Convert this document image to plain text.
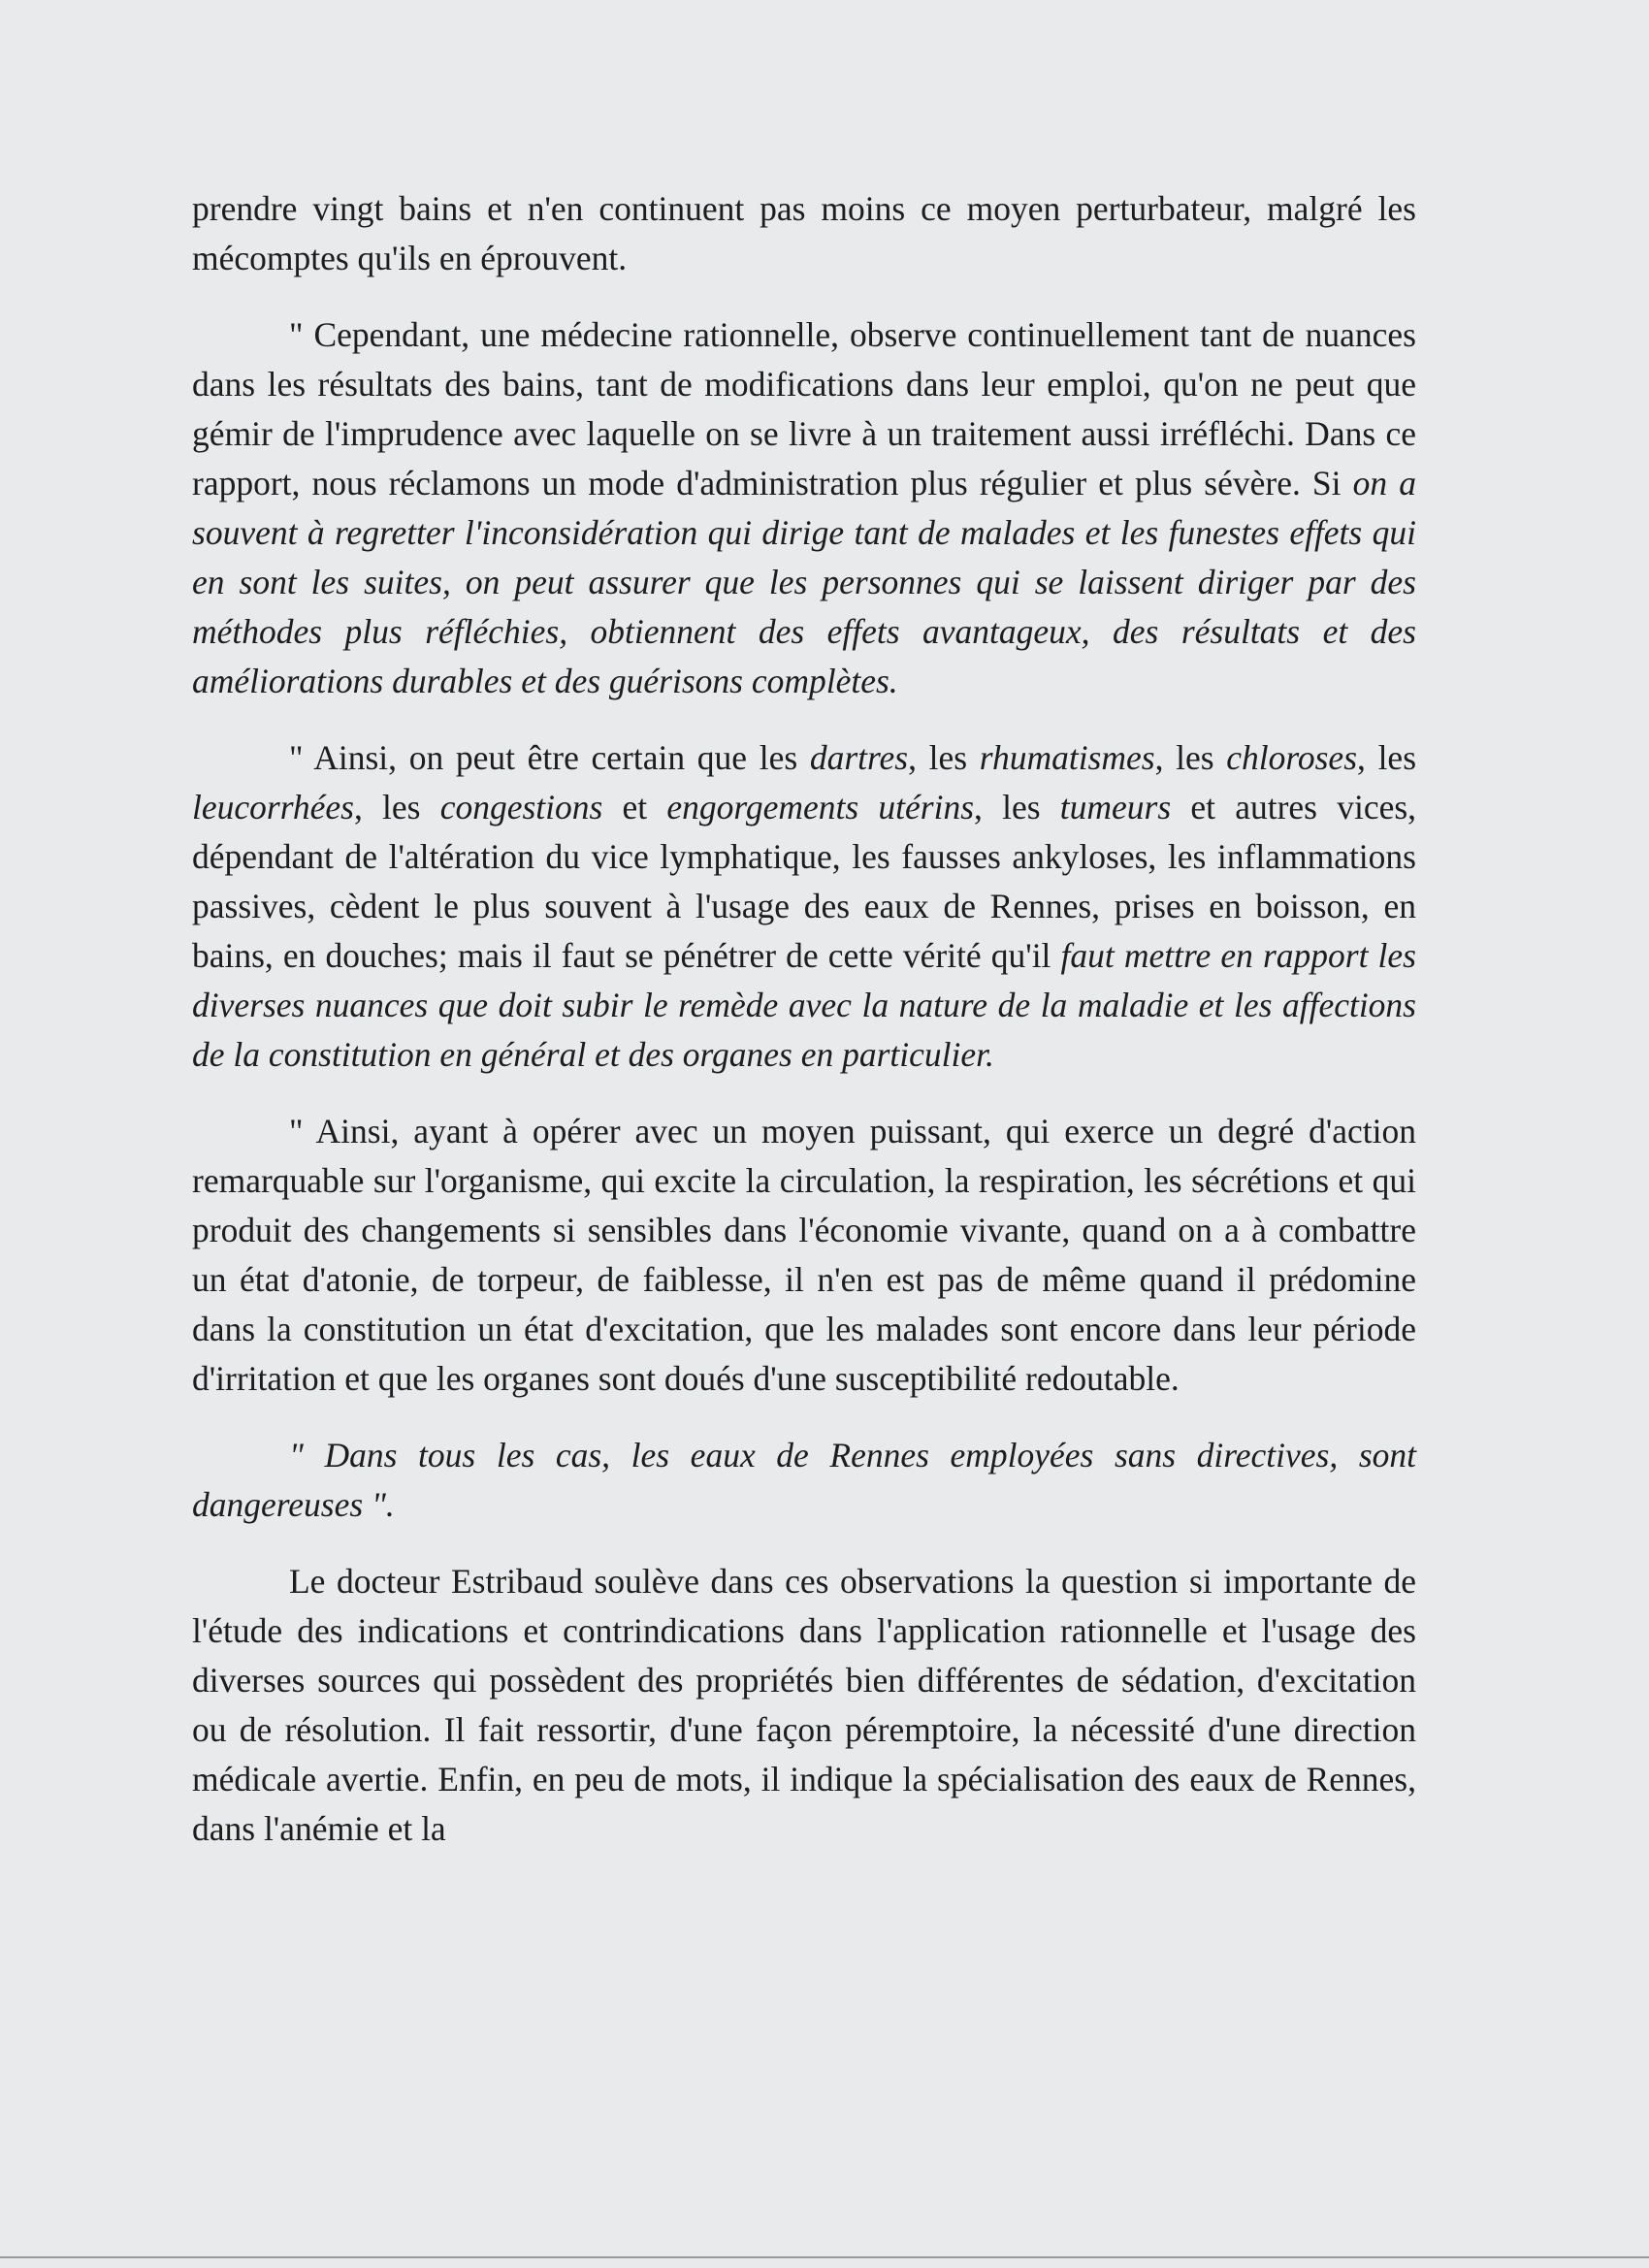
prendre vingt bains et n'en continuent pas moins ce moyen perturbateur, malgré les mécomptes qu'ils en éprouvent.

" Cependant, une médecine rationnelle, observe continuellement tant de nuances dans les résultats des bains, tant de modifications dans leur emploi, qu'on ne peut que gémir de l'imprudence avec laquelle on se livre à un traitement aussi irréfléchi. Dans ce rapport, nous réclamons un mode d'administration plus régulier et plus sévère. Si on a souvent à regretter l'inconsidération qui dirige tant de malades et les funestes effets qui en sont les suites, on peut assurer que les personnes qui se laissent diriger par des méthodes plus réfléchies, obtiennent des effets avantageux, des résultats et des améliorations durables et des guérisons complètes.

" Ainsi, on peut être certain que les dartres, les rhumatismes, les chloroses, les leucorrhées, les congestions et engorgements utérins, les tumeurs et autres vices, dépendant de l'altération du vice lymphatique, les fausses ankyloses, les inflammations passives, cèdent le plus souvent à l'usage des eaux de Rennes, prises en boisson, en bains, en douches; mais il faut se pénétrer de cette vérité qu'il faut mettre en rapport les diverses nuances que doit subir le remède avec la nature de la maladie et les affections de la constitution en général et des organes en particulier.

" Ainsi, ayant à opérer avec un moyen puissant, qui exerce un degré d'action remarquable sur l'organisme, qui excite la circulation, la respiration, les sécrétions et qui produit des changements si sensibles dans l'économie vivante, quand on a à combattre un état d'atonie, de torpeur, de faiblesse, il n'en est pas de même quand il prédomine dans la constitution un état d'excitation, que les malades sont encore dans leur période d'irritation et que les organes sont doués d'une susceptibilité redoutable.

" Dans tous les cas, les eaux de Rennes employées sans directives, sont dangereuses ".

Le docteur Estribaud soulève dans ces observations la question si importante de l'étude des indications et contrindications dans l'application rationnelle et l'usage des diverses sources qui possèdent des propriétés bien différentes de sédation, d'excitation ou de résolution. Il fait ressortir, d'une façon péremptoire, la nécessité d'une direction médicale avertie. Enfin, en peu de mots, il indique la spécialisation des eaux de Rennes, dans l'anémie et la
